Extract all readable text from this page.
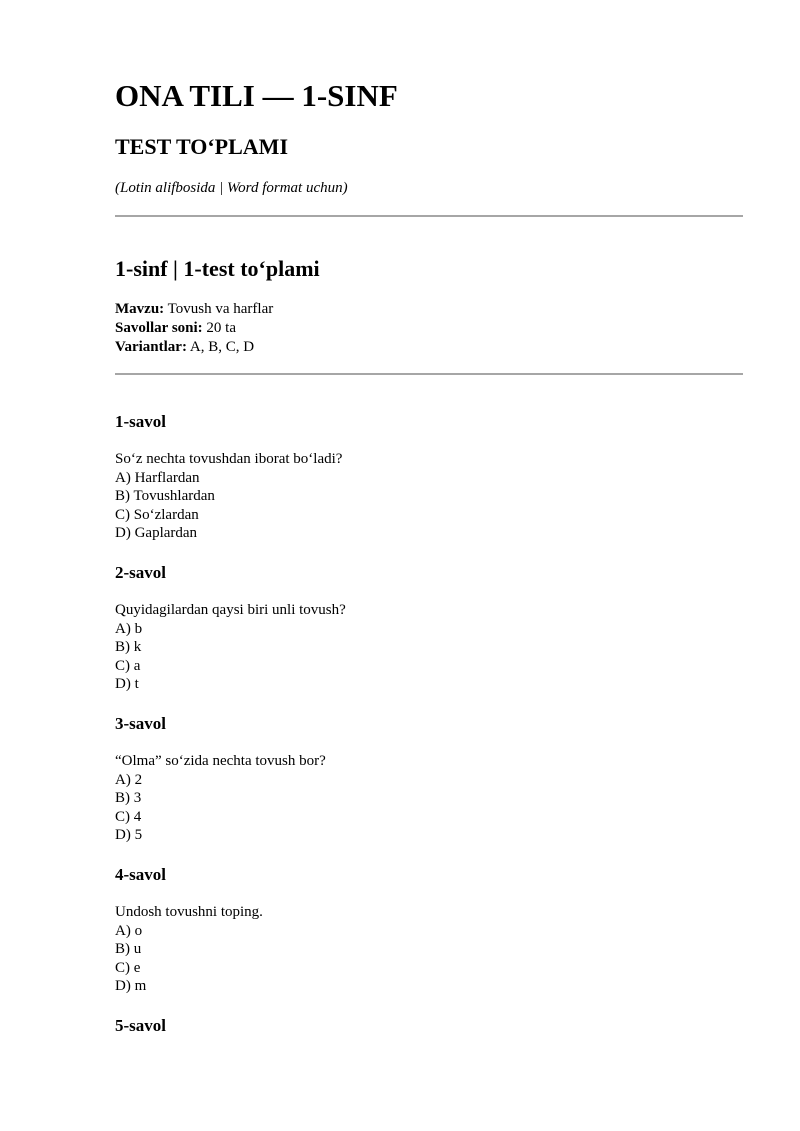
ONA TILI — 1-SINF
TEST TO‘PLAMI
(Lotin alifbosida | Word format uchun)
1-sinf | 1-test to‘plami
Mavzu: Tovush va harflar
Savollar soni: 20 ta
Variantlar: A, B, C, D
1-savol
So‘z nechta tovushdan iborat bo‘ladi?
A) Harflardan
B) Tovushlardan
C) So‘zlardan
D) Gaplardan
2-savol
Quyidagilardan qaysi biri unli tovush?
A) b
B) k
C) a
D) t
3-savol
“Olma” so‘zida nechta tovush bor?
A) 2
B) 3
C) 4
D) 5
4-savol
Undosh tovushni toping.
A) o
B) u
C) e
D) m
5-savol
